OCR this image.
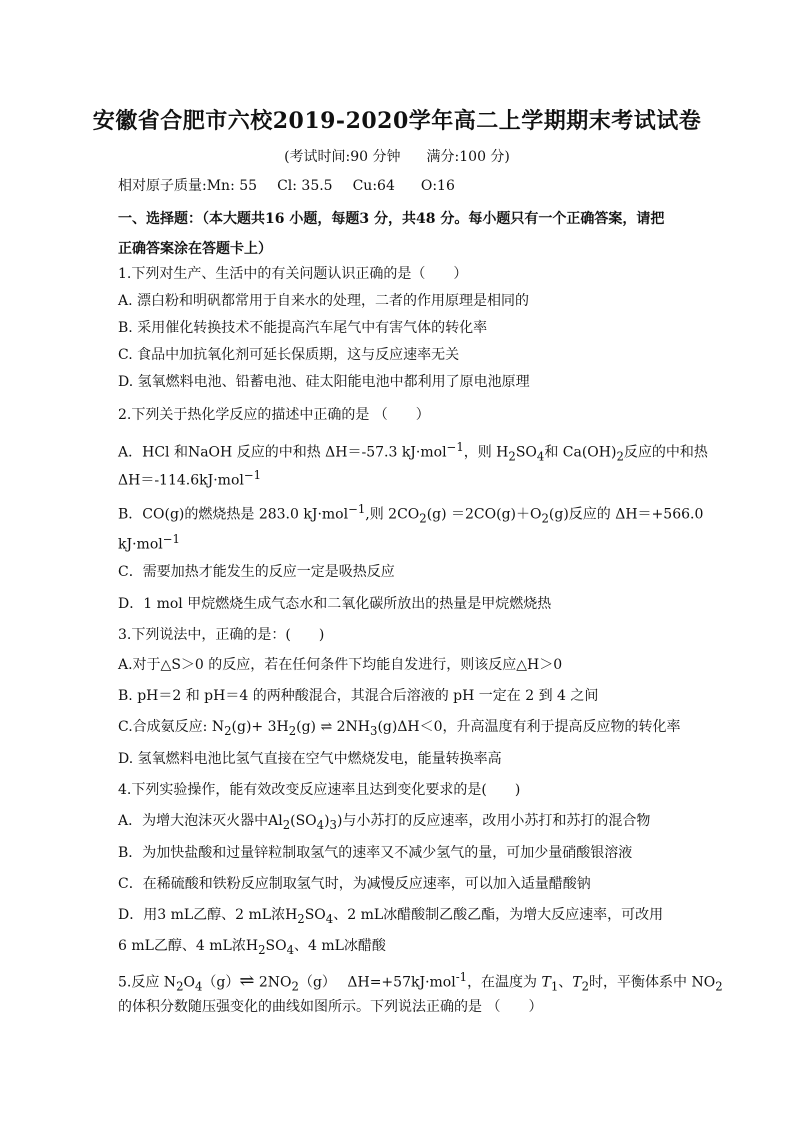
安徽省合肥市六校2019-2020学年高二上学期期末考试试卷
(考试时间:90 分钟 满分:100 分)
相对原子质量:Mn: 55 Cl: 35.5 Cu:64 O:16
一、选择题：（本大题共16 小题，每题3 分，共48 分。每小题只有一个正确答案，请把
正确答案涂在答题卡上）
1.下列对生产、生活中的有关问题认识正确的是（　　）
A. 漂白粉和明矾都常用于自来水的处理，二者的作用原理是相同的
B. 采用催化转换技术不能提高汽车尾气中有害气体的转化率
C. 食品中加抗氧化剂可延长保质期，这与反应速率无关
D. 氢氧燃料电池、铅蓄电池、硅太阳能电池中都利用了原电池原理
2.下列关于热化学反应的描述中正确的是 （　　）
A．HCl 和NaOH 反应的中和热 ΔH＝-57.3 kJ·mol$^{-1}$，则 $H_2SO_4$和 $Ca(OH)_2$反应的中和热
ΔH＝-114.6kJ·mol$^{-1}$
B．CO(g)的燃烧热是 283.0 kJ·mol$^{-1}$,则 $2CO_2(g) =2CO(g)+O_2(g)$反应的 ΔH＝+566.0
kJ·mol$^{-1}$
C．需要加热才能发生的反应一定是吸热反应
D．1 mol 甲烷燃烧生成气态水和二氧化碳所放出的热量是甲烷燃烧热
3.下列说法中，正确的是：(　　)
A.对于△S＞0 的反应，若在任何条件下均能自发进行，则该反应△H＞0
B. pH＝2 和 pH＝4 的两种酸混合，其混合后溶液的 pH 一定在 2 到 4 之间
C.合成氨反应: $N_2(g)+ 3H_2(g)$ ⇌ $2NH_3(g)\Delta H<0$，升高温度有利于提高反应物的转化率
D. 氢氧燃料电池比氢气直接在空气中燃烧发电，能量转换率高
4.下列实验操作，能有效改变反应速率且达到变化要求的是(　　)
A．为增大泡沫灭火器中$Al_2(SO_4)_3$)与小苏打的反应速率，改用小苏打和苏打的混合物
B．为加快盐酸和过量锌粒制取氢气的速率又不减少氢气的量，可加少量硝酸银溶液
C．在稀硫酸和铁粉反应制取氢气时，为减慢反应速率，可以加入适量醋酸钠
D．用3 mL乙醇、2 mL浓$H_2SO_4$、2 mL冰醋酸制乙酸乙酯，为增大反应速率，可改用
6 mL乙醇、4 mL浓$H_2SO_4$、4 mL冰醋酸
5.反应 $N_2O_4(g)\rightleftharpoons$ $2NO_2(g)$　 ΔH=+57kJ·mol$^{-1}$，在温度为 $T_1$、$T_2$时，平衡体系中 $NO_2$
的体积分数随压强变化的曲线如图所示。下列说法正确的是 （　　）
